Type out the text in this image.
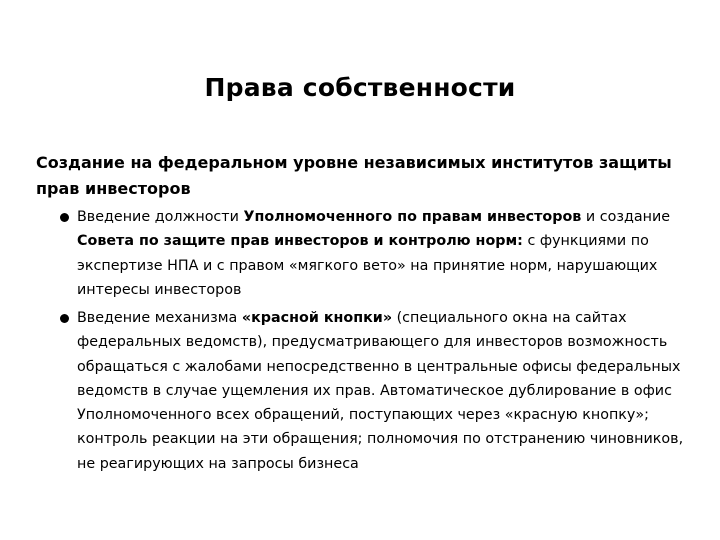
Права собственности
Создание на федеральном уровне независимых институтов защиты прав инвесторов
Введение должности Уполномоченного по правам инвесторов и создание Совета по защите прав инвесторов и контролю норм: с функциями по экспертизе НПА и с правом «мягкого вето» на принятие норм, нарушающих интересы инвесторов
Введение механизма «красной кнопки» (специального окна на сайтах федеральных ведомств), предусматривающего для инвесторов возможность обращаться с жалобами непосредственно в центральные офисы федеральных ведомств в случае ущемления их прав. Автоматическое дублирование в офис Уполномоченного всех обращений, поступающих через «красную кнопку»; контроль реакции на эти обращения; полномочия по отстранению чиновников, не реагирующих на запросы бизнеса
